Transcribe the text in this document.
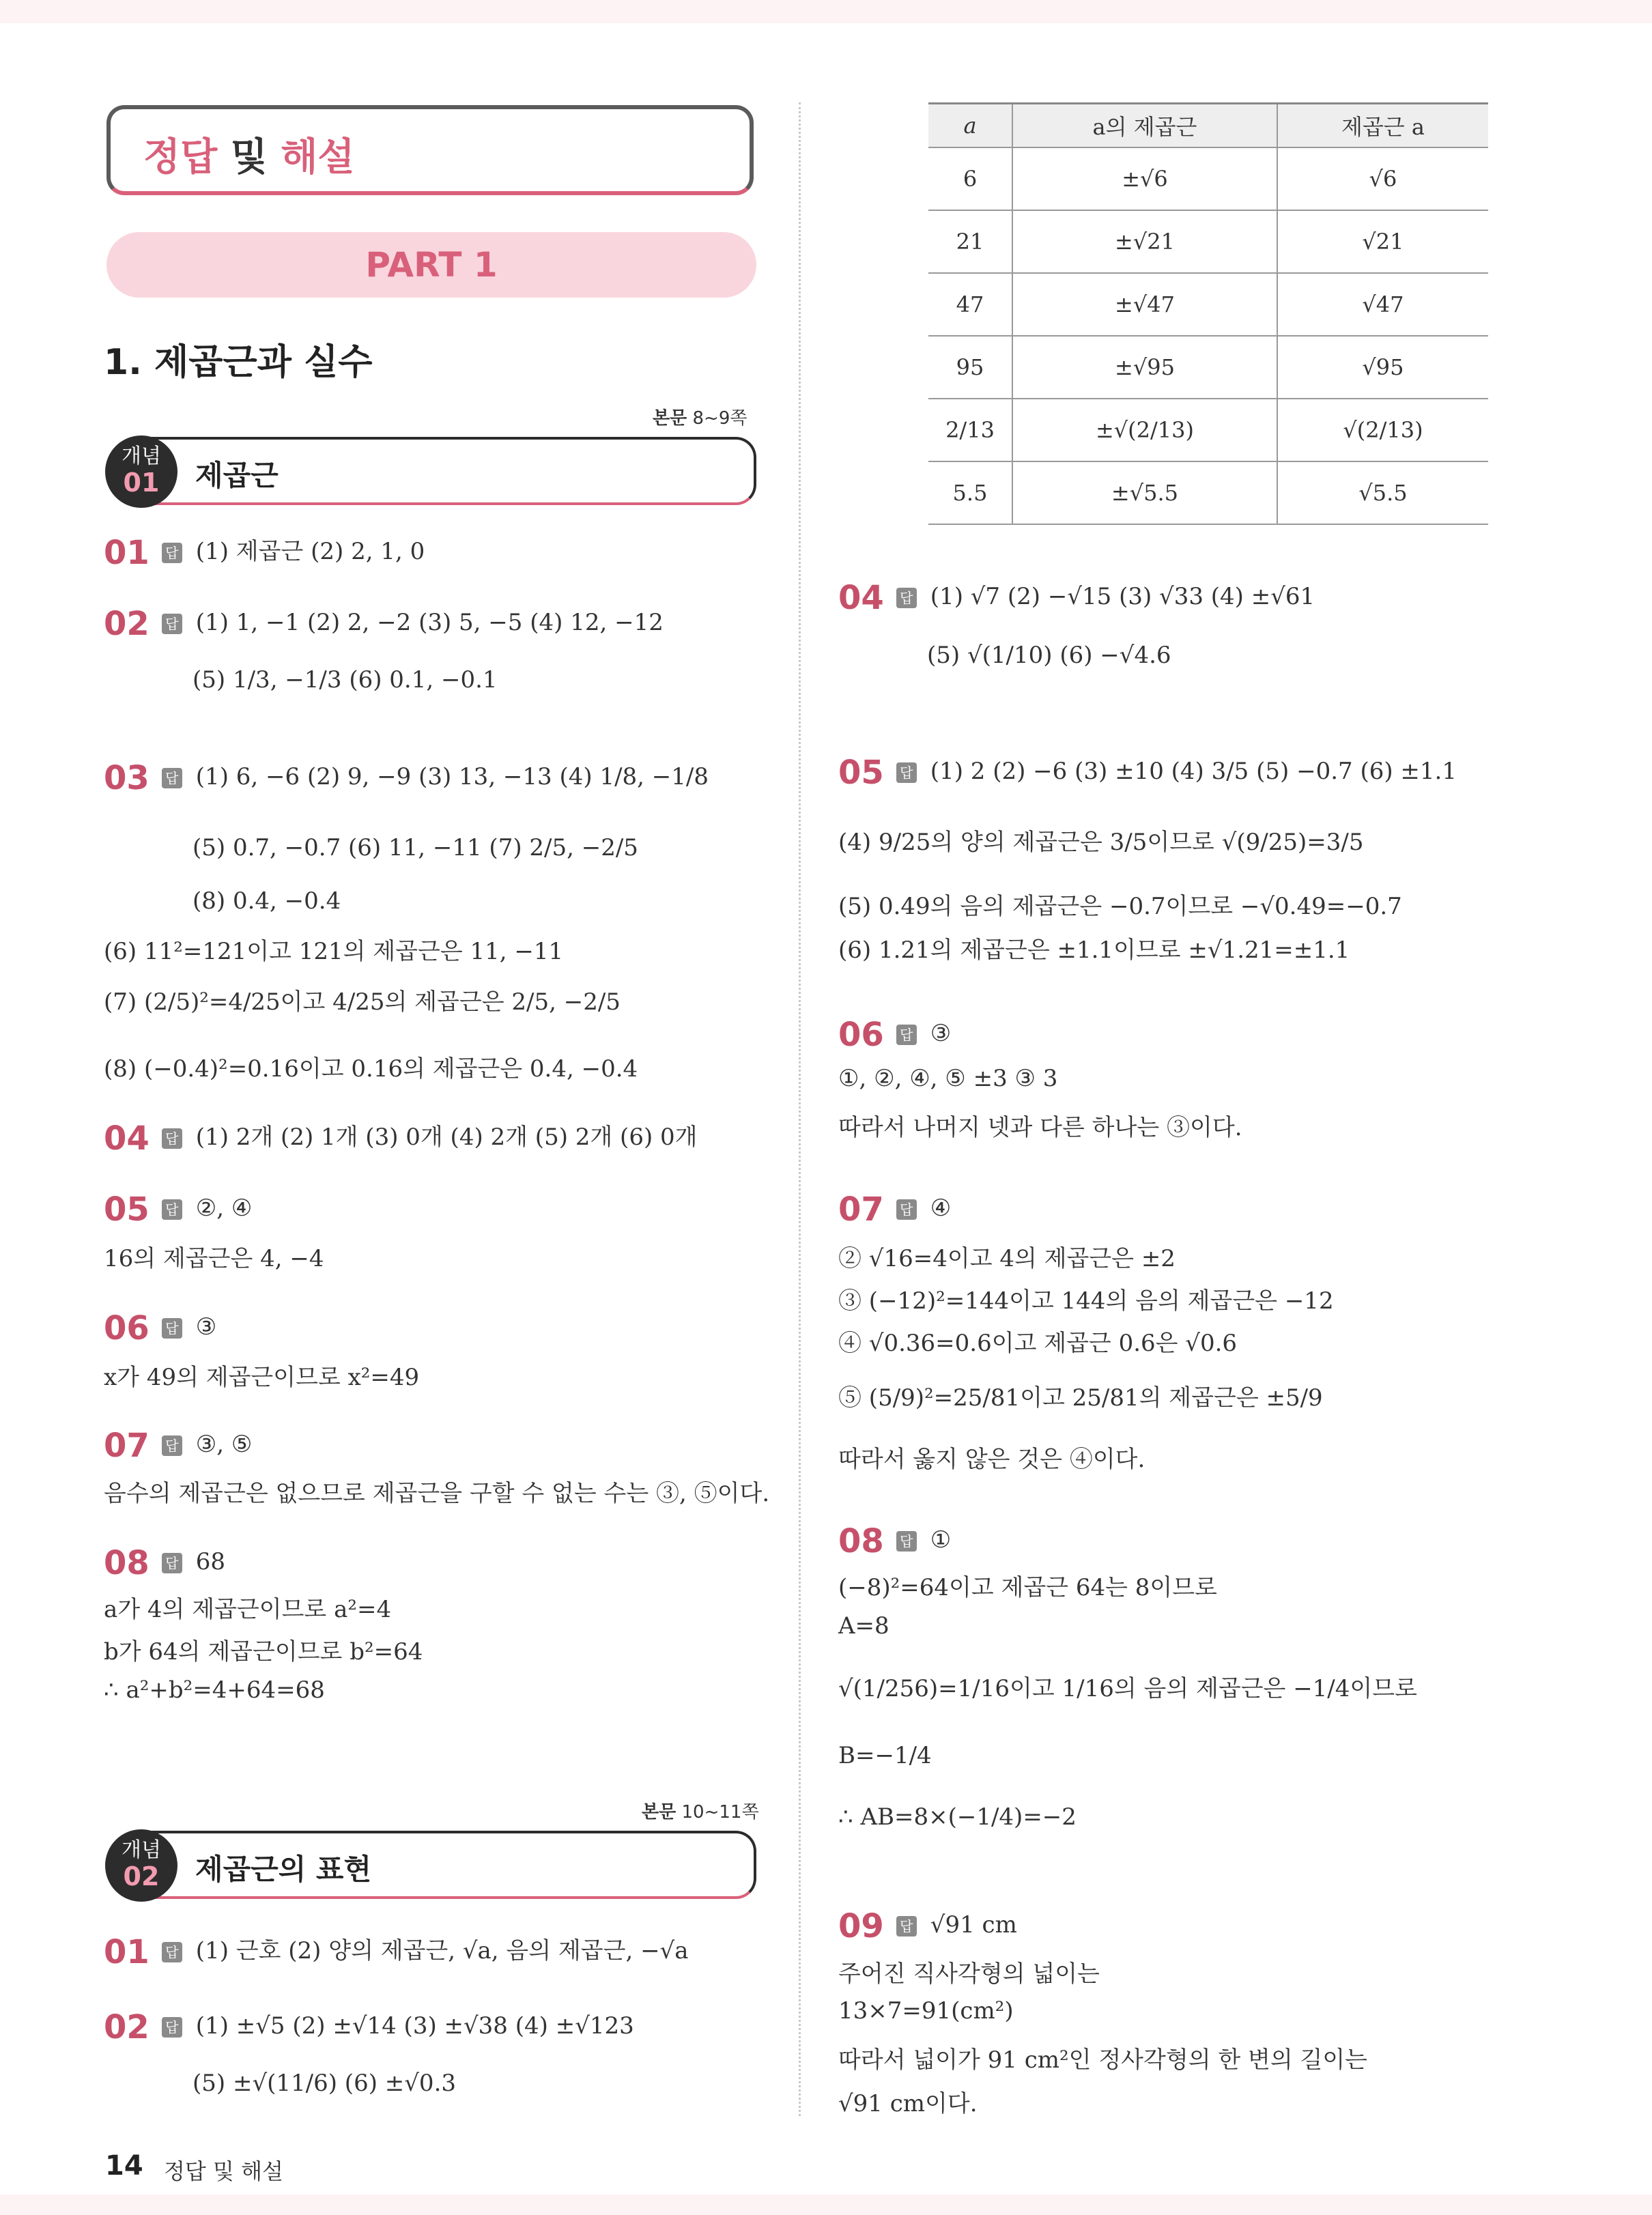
정답 및 해설
PART 1
1. 제곱근과 실수
본문 8~9쪽
개념
01	제곱근
본문 10~11쪽
개념
02	제곱근의 표현
01 답 (1) 제곱근 (2) 2, 1, 0
02 답 (1) 1, −1 (2) 2, −2 (3) 5, −5 (4) 12, −12
(5) 1/3, −1/3 (6) 0.1, −0.1
03 답 (1) 6, −6 (2) 9, −9 (3) 13, −13 (4) 1/8, −1/8
(5) 0.7, −0.7 (6) 11, −11 (7) 2/5, −2/5
(8) 0.4, −0.4
(6) 11²=121이고 121의 제곱근은 11, −11
(7) (2/5)²=4/25이고 4/25의 제곱근은 2/5, −2/5
(8) (−0.4)²=0.16이고 0.16의 제곱근은 0.4, −0.4
04 답 (1) 2개 (2) 1개 (3) 0개 (4) 2개 (5) 2개 (6) 0개
05 답 ②, ④
16의 제곱근은 4, −4
06 답 ③
x가 49의 제곱근이므로 x²=49
07 답 ③, ⑤
음수의 제곱근은 없으므로 제곱근을 구할 수 없는 수는 ③, ⑤이다.
08 답 68
a가 4의 제곱근이므로 a²=4
b가 64의 제곱근이므로 b²=64
∴ a²+b²=4+64=68
01 답 (1) 근호 (2) 양의 제곱근, √a, 음의 제곱근, −√a
02 답 (1) ±√5 (2) ±√14 (3) ±√38 (4) ±√123
(5) ±√(11/6) (6) ±√0.3
a	a의 제곱근	제곱근 a
6	±√6	√6
21	±√21	√21
47	±√47	√47
95	±√95	√95
2/13	±√(2/13)	√(2/13)
5.5	±√5.5	√5.5
04 답 (1) √7 (2) −√15 (3) √33 (4) ±√61
(5) √(1/10) (6) −√4.6
05 답 (1) 2 (2) −6 (3) ±10 (4) 3/5 (5) −0.7 (6) ±1.1
(4) 9/25의 양의 제곱근은 3/5이므로 √(9/25)=3/5
(5) 0.49의 음의 제곱근은 −0.7이므로 −√0.49=−0.7
(6) 1.21의 제곱근은 ±1.1이므로 ±√1.21=±1.1
06 답 ③
①, ②, ④, ⑤ ±3 ③ 3
따라서 나머지 넷과 다른 하나는 ③이다.
07 답 ④
② √16=4이고 4의 제곱근은 ±2
③ (−12)²=144이고 144의 음의 제곱근은 −12
④ √0.36=0.6이고 제곱근 0.6은 √0.6
⑤ (5/9)²=25/81이고 25/81의 제곱근은 ±5/9
따라서 옳지 않은 것은 ④이다.
08 답 ①
(−8)²=64이고 제곱근 64는 8이므로
A=8
√(1/256)=1/16이고 1/16의 음의 제곱근은 −1/4이므로
B=−1/4
∴ AB=8×(−1/4)=−2
09 답 √91 cm
주어진 직사각형의 넓이는
13×7=91(cm²)
따라서 넓이가 91 cm²인 정사각형의 한 변의 길이는
√91 cm이다.
14 정답 및 해설
